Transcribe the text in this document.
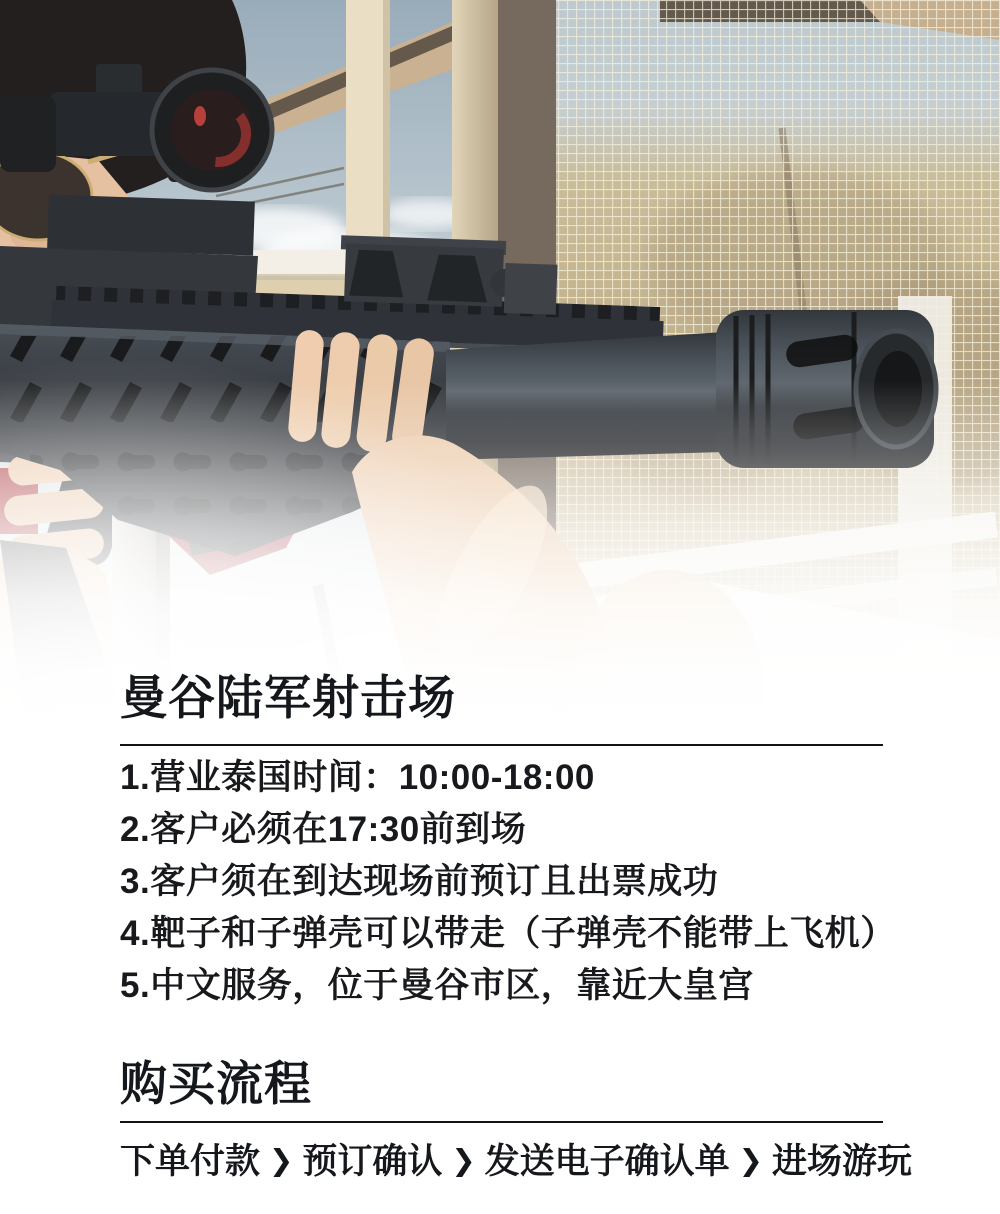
曼谷陆军射击场
1.营业泰国时间：10:00-18:00
2.客户必须在17:30前到场
3.客户须在到达现场前预订且出票成功
4.靶子和子弹壳可以带走（子弹壳不能带上飞机）
5.中文服务，位于曼谷市区，靠近大皇宫
购买流程
下单付款 ❯ 预订确认 ❯ 发送电子确认单 ❯ 进场游玩
